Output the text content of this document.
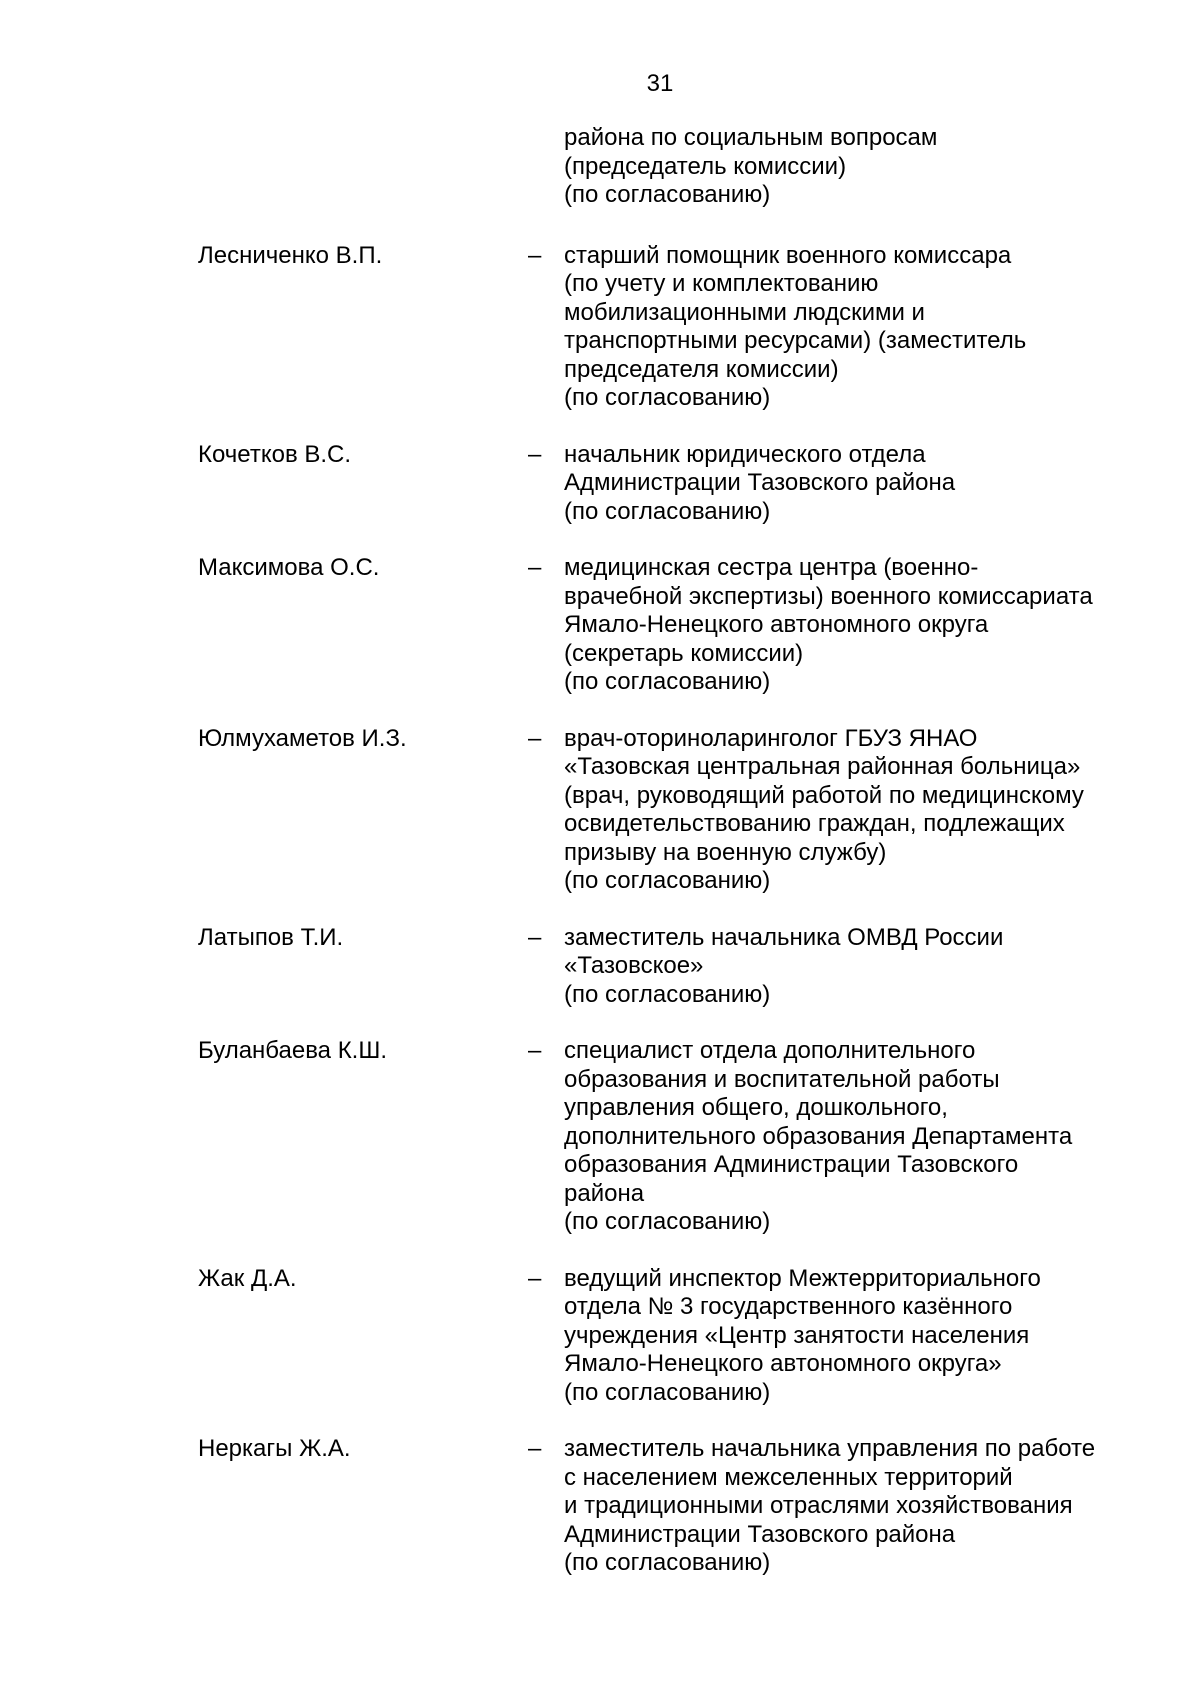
31
района по социальным вопросам
(председатель комиссии)
(по согласованию)
Лесниченко В.П.	– старший помощник военного комиссара
(по учету и комплектованию
мобилизационными людскими и
транспортными ресурсами) (заместитель
председателя комиссии)
(по согласованию)
Кочетков В.С.	– начальник юридического отдела
Администрации Тазовского района
(по согласованию)
Максимова О.С.	– медицинская сестра центра (военно-
врачебной экспертизы) военного комиссариата
Ямало-Ненецкого автономного округа
(секретарь комиссии)
(по согласованию)
Юлмухаметов И.З.	– врач-оториноларинголог ГБУЗ ЯНАО
«Тазовская центральная районная больница»
(врач, руководящий работой по медицинскому
освидетельствованию граждан, подлежащих
призыву на военную службу)
(по согласованию)
Латыпов Т.И.	– заместитель начальника ОМВД России
«Тазовское»
(по согласованию)
Буланбаева К.Ш.	– специалист отдела дополнительного
образования и воспитательной работы
управления общего, дошкольного,
дополнительного образования Департамента
образования Администрации Тазовского
района
(по согласованию)
Жак Д.А.	– ведущий инспектор Межтерриториального
отдела № 3 государственного казённого
учреждения «Центр занятости населения
Ямало-Ненецкого автономного округа»
(по согласованию)
Неркагы Ж.А.	– заместитель начальника управления по работе
с населением межселенных территорий
и традиционными отраслями хозяйствования
Администрации Тазовского района
(по согласованию)
